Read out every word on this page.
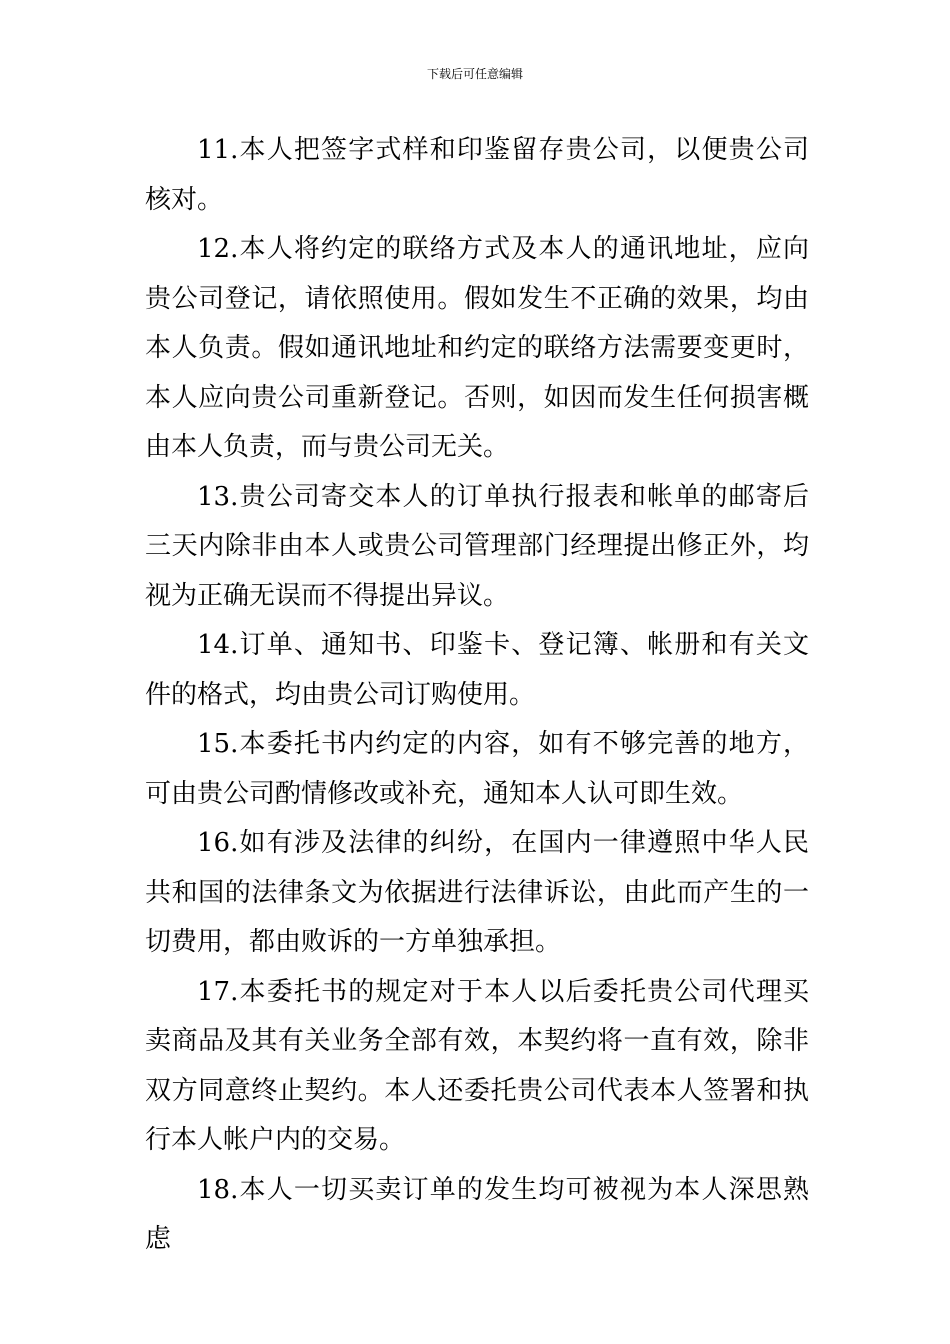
下载后可任意编辑

11.本人把签字式样和印鉴留存贵公司，以便贵公司核对。

12.本人将约定的联络方式及本人的通讯地址，应向贵公司登记，请依照使用。假如发生不正确的效果，均由本人负责。假如通讯地址和约定的联络方法需要变更时，本人应向贵公司重新登记。否则，如因而发生任何损害概由本人负责，而与贵公司无关。

13.贵公司寄交本人的订单执行报表和帐单的邮寄后三天内除非由本人或贵公司管理部门经理提出修正外，均视为正确无误而不得提出异议。

14.订单、通知书、印鉴卡、登记簿、帐册和有关文件的格式，均由贵公司订购使用。

15.本委托书内约定的内容，如有不够完善的地方，可由贵公司酌情修改或补充，通知本人认可即生效。

16.如有涉及法律的纠纷，在国内一律遵照中华人民共和国的法律条文为依据进行法律诉讼，由此而产生的一切费用，都由败诉的一方单独承担。

17.本委托书的规定对于本人以后委托贵公司代理买卖商品及其有关业务全部有效，本契约将一直有效，除非双方同意终止契约。本人还委托贵公司代表本人签署和执行本人帐户内的交易。

18.本人一切买卖订单的发生均可被视为本人深思熟虑
